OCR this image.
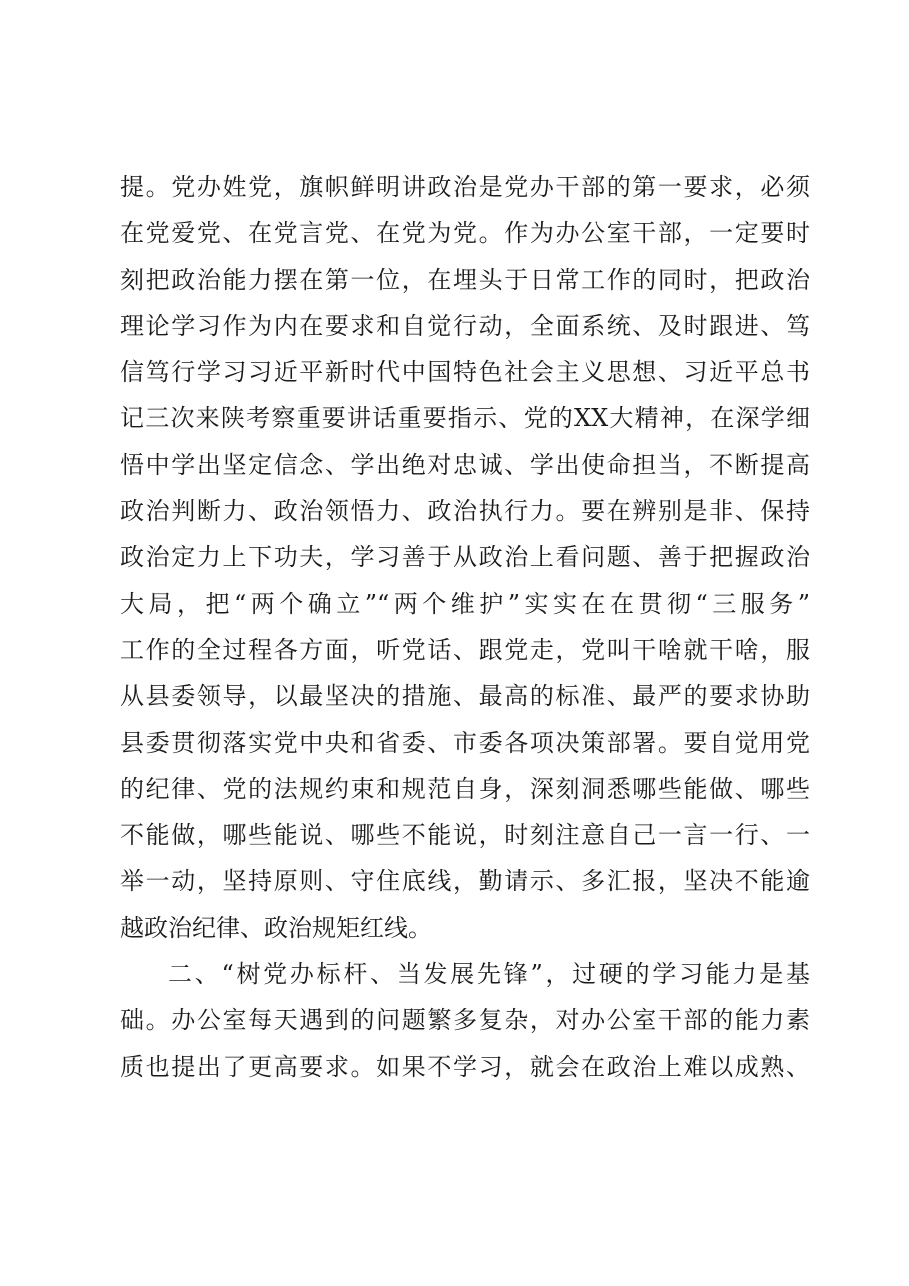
提。党办姓党，旗帜鲜明讲政治是党办干部的第一要求，必须
在党爱党、在党言党、在党为党。作为办公室干部，一定要时
刻把政治能力摆在第一位，在埋头于日常工作的同时，把政治
理论学习作为内在要求和自觉行动，全面系统、及时跟进、笃
信笃行学习习近平新时代中国特色社会主义思想、习近平总书
记三次来陕考察重要讲话重要指示、党的XX大精神，在深学细
悟中学出坚定信念、学出绝对忠诚、学出使命担当，不断提高
政治判断力、政治领悟力、政治执行力。要在辨别是非、保持
政治定力上下功夫，学习善于从政治上看问题、善于把握政治
大局，把“两个确立”“两个维护”实实在在贯彻“三服务”
工作的全过程各方面，听党话、跟党走，党叫干啥就干啥，服
从县委领导，以最坚决的措施、最高的标准、最严的要求协助
县委贯彻落实党中央和省委、市委各项决策部署。要自觉用党
的纪律、党的法规约束和规范自身，深刻洞悉哪些能做、哪些
不能做，哪些能说、哪些不能说，时刻注意自己一言一行、一
举一动，坚持原则、守住底线，勤请示、多汇报，坚决不能逾
越政治纪律、政治规矩红线。
二、“树党办标杆、当发展先锋”，过硬的学习能力是基
础。办公室每天遇到的问题繁多复杂，对办公室干部的能力素
质也提出了更高要求。如果不学习，就会在政治上难以成熟、
